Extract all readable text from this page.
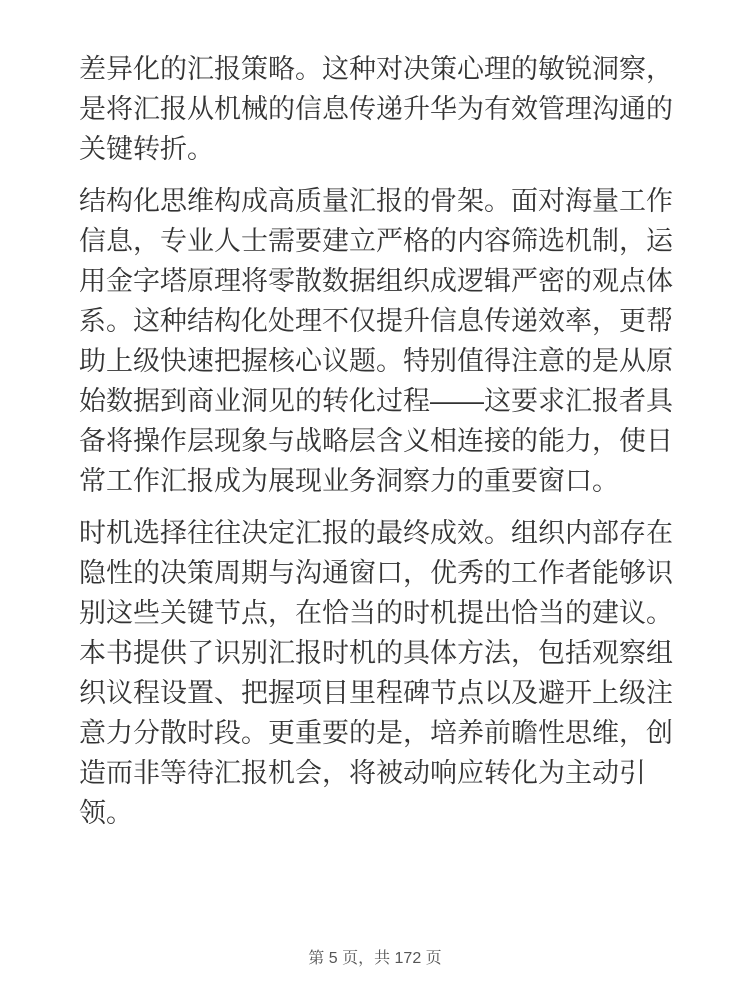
差异化的汇报策略。这种对决策心理的敏锐洞察，是将汇报从机械的信息传递升华为有效管理沟通的关键转折。

结构化思维构成高质量汇报的骨架。面对海量工作信息，专业人士需要建立严格的内容筛选机制，运用金字塔原理将零散数据组织成逻辑严密的观点体系。这种结构化处理不仅提升信息传递效率，更帮助上级快速把握核心议题。特别值得注意的是从原始数据到商业洞见的转化过程——这要求汇报者具备将操作层现象与战略层含义相连接的能力，使日常工作汇报成为展现业务洞察力的重要窗口。

时机选择往往决定汇报的最终成效。组织内部存在隐性的决策周期与沟通窗口，优秀的工作者能够识别这些关键节点，在恰当的时机提出恰当的建议。本书提供了识别汇报时机的具体方法，包括观察组织议程设置、把握项目里程碑节点以及避开上级注意力分散时段。更重要的是，培养前瞻性思维，创造而非等待汇报机会，将被动响应转化为主动引领。

第 5 页，共 172 页
